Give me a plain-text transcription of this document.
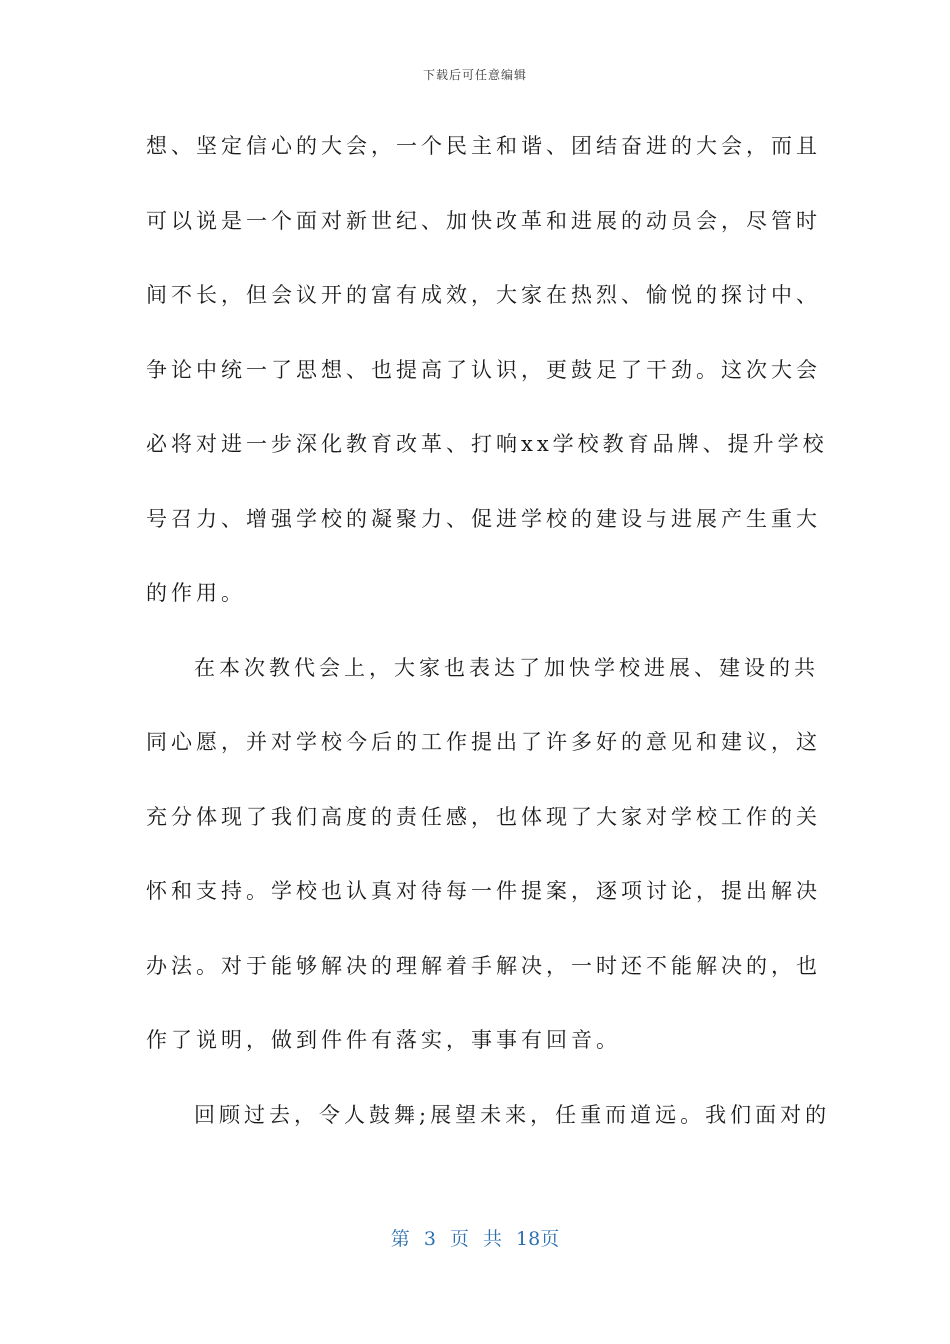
下载后可任意编辑
想、坚定信心的大会，一个民主和谐、团结奋进的大会，而且
可以说是一个面对新世纪、加快改革和进展的动员会，尽管时
间不长，但会议开的富有成效，大家在热烈、愉悦的探讨中、
争论中统一了思想、也提高了认识，更鼓足了干劲。这次大会
必将对进一步深化教育改革、打响xx学校教育品牌、提升学校
号召力、增强学校的凝聚力、促进学校的建设与进展产生重大
的作用。
在本次教代会上，大家也表达了加快学校进展、建设的共
同心愿，并对学校今后的工作提出了许多好的意见和建议，这
充分体现了我们高度的责任感，也体现了大家对学校工作的关
怀和支持。学校也认真对待每一件提案，逐项讨论，提出解决
办法。对于能够解决的理解着手解决，一时还不能解决的，也
作了说明，做到件件有落实，事事有回音。
回顾过去，令人鼓舞;展望未来，任重而道远。我们面对的
第 3 页 共 18页
